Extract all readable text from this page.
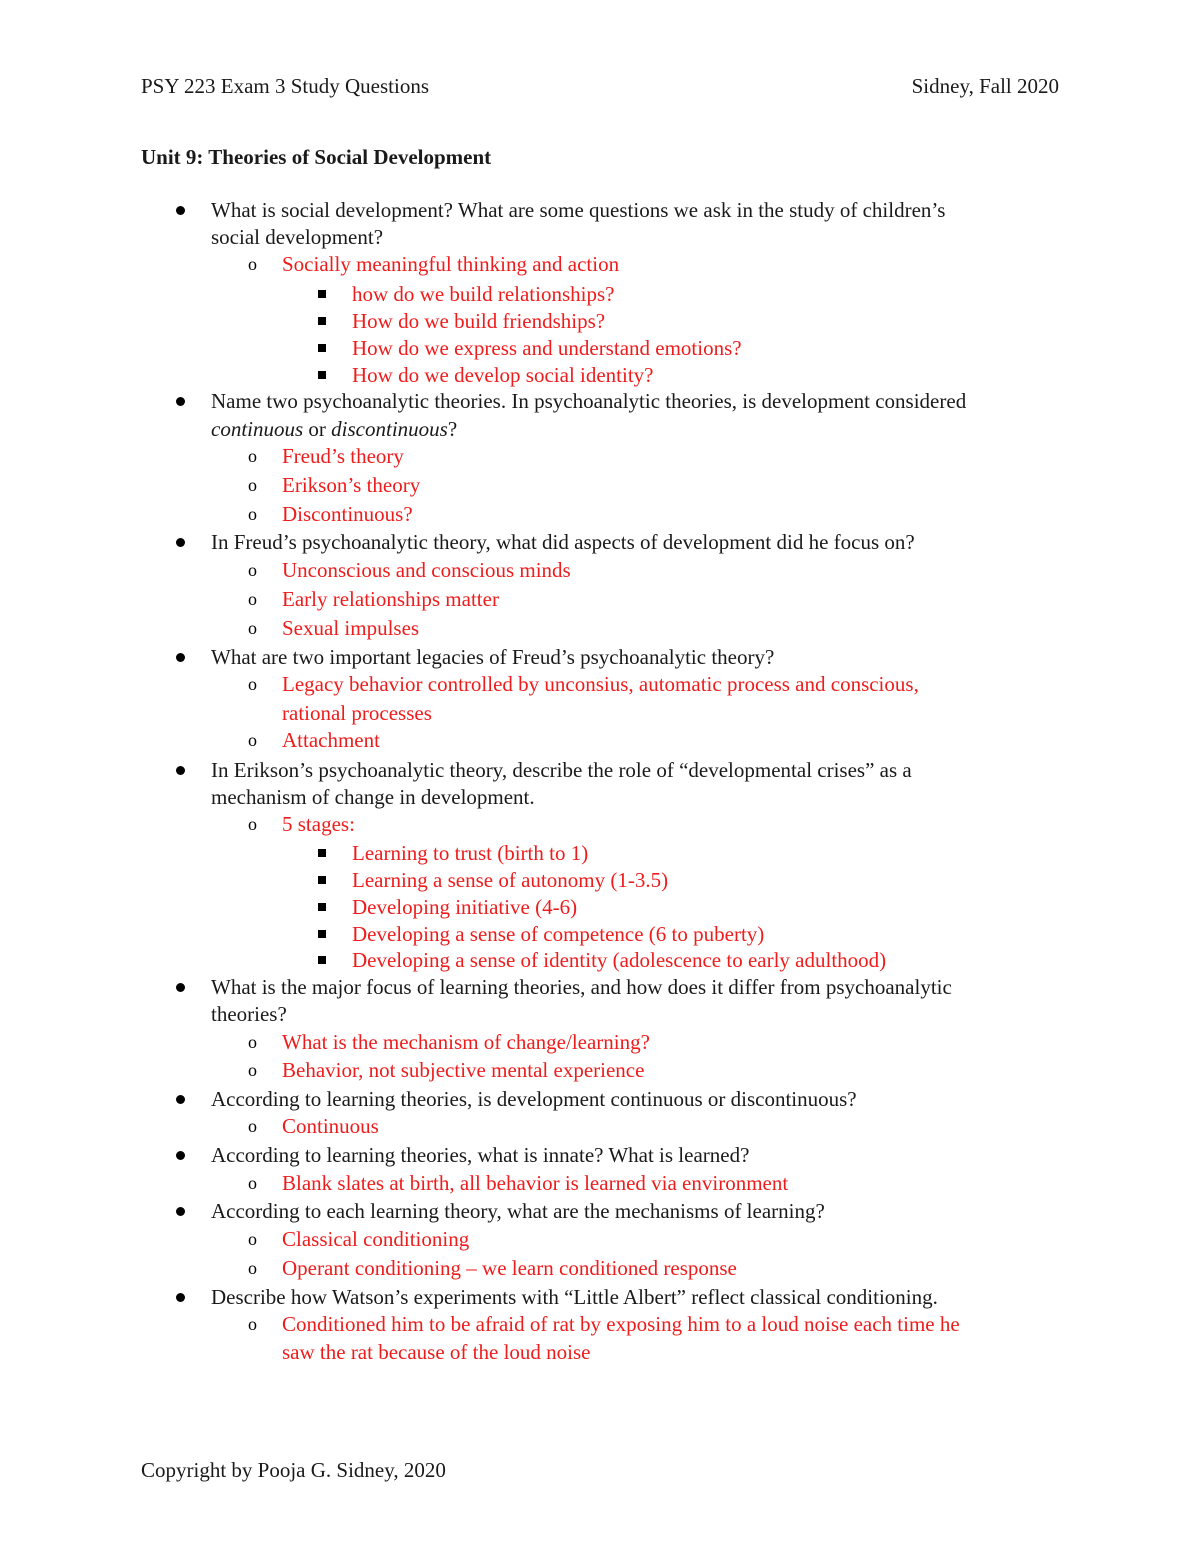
PSY 223 Exam 3 Study Questions	Sidney, Fall 2020
Unit 9: Theories of Social Development
What is social development? What are some questions we ask in the study of children’s
social development?
o Socially meaningful thinking and action
how do we build relationships?
How do we build friendships?
How do we express and understand emotions?
How do we develop social identity?
Name two psychoanalytic theories. In psychoanalytic theories, is development considered
continuous or discontinuous?
o Freud’s theory
o Erikson’s theory
o Discontinuous?
In Freud’s psychoanalytic theory, what did aspects of development did he focus on?
o Unconscious and conscious minds
o Early relationships matter
o Sexual impulses
What are two important legacies of Freud’s psychoanalytic theory?
o Legacy behavior controlled by unconsius, automatic process and conscious,
rational processes
o Attachment
In Erikson’s psychoanalytic theory, describe the role of “developmental crises” as a
mechanism of change in development.
o 5 stages:
Learning to trust (birth to 1)
Learning a sense of autonomy (1-3.5)
Developing initiative (4-6)
Developing a sense of competence (6 to puberty)
Developing a sense of identity (adolescence to early adulthood)
What is the major focus of learning theories, and how does it differ from psychoanalytic
theories?
o What is the mechanism of change/learning?
o Behavior, not subjective mental experience
According to learning theories, is development continuous or discontinuous?
o Continuous
According to learning theories, what is innate? What is learned?
o Blank slates at birth, all behavior is learned via environment
According to each learning theory, what are the mechanisms of learning?
o Classical conditioning
o Operant conditioning – we learn conditioned response
Describe how Watson’s experiments with “Little Albert” reflect classical conditioning.
o Conditioned him to be afraid of rat by exposing him to a loud noise each time he
saw the rat because of the loud noise
Copyright by Pooja G. Sidney, 2020
